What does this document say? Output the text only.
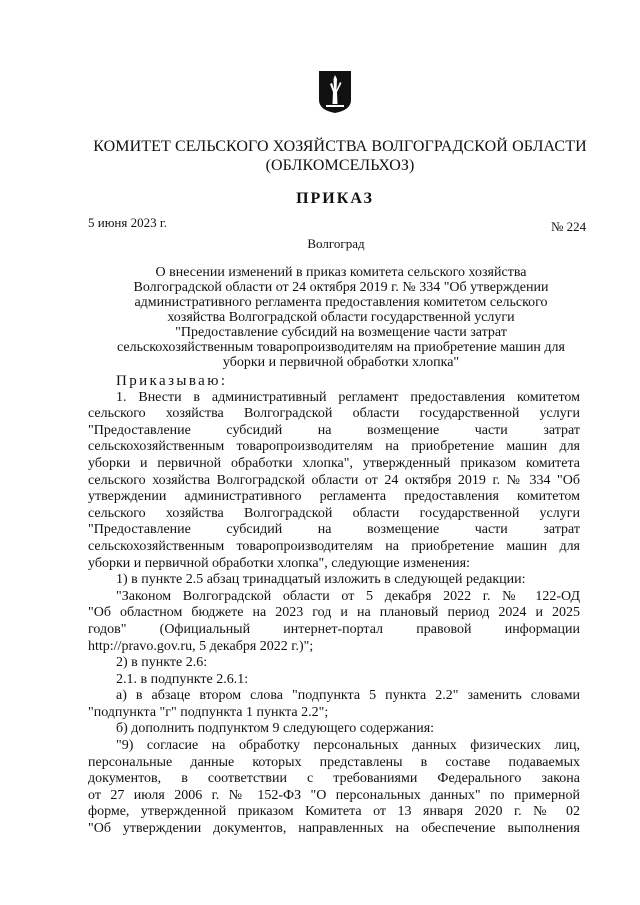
КОМИТЕТ СЕЛЬСКОГО ХОЗЯЙСТВА ВОЛГОГРАДСКОЙ ОБЛАСТИ
(ОБЛКОМСЕЛЬХОЗ)
ПРИКАЗ
5 июня 2023 г.	№ 224
Волгоград
О внесении изменений в приказ комитета сельского хозяйства
Волгоградской области от 24 октября 2019 г. № 334 "Об утверждении
административного регламента предоставления комитетом сельского
хозяйства Волгоградской области государственной услуги
"Предоставление субсидий на возмещение части затрат
сельскохозяйственным товаропроизводителям на приобретение машин для
уборки и первичной обработки хлопка"

Приказываю:

1. Внести в административный регламент предоставления комитетом
сельского хозяйства Волгоградской области государственной услуги
"Предоставление субсидий на возмещение части затрат
сельскохозяйственным товаропроизводителям на приобретение машин для
уборки и первичной обработки хлопка", утвержденный приказом комитета
сельского хозяйства Волгоградской области от 24 октября 2019 г. № 334 "Об
утверждении административного регламента предоставления комитетом
сельского хозяйства Волгоградской области государственной услуги
"Предоставление субсидий на возмещение части затрат
сельскохозяйственным товаропроизводителям на приобретение машин для
уборки и первичной обработки хлопка", следующие изменения:

1) в пункте 2.5 абзац тринадцатый изложить в следующей редакции:

"Законом Волгоградской области от 5 декабря 2022 г. № 122-ОД
"Об областном бюджете на 2023 год и на плановый период 2024 и 2025
годов" (Официальный интернет-портал правовой информации
http://pravo.gov.ru, 5 декабря 2022 г.)";

2) в пункте 2.6:

2.1. в подпункте 2.6.1:

а) в абзаце втором слова "подпункта 5 пункта 2.2" заменить словами
"подпункта "г" подпункта 1 пункта 2.2";

б) дополнить подпунктом 9 следующего содержания:

"9) согласие на обработку персональных данных физических лиц,
персональные данные которых представлены в составе подаваемых
документов, в соответствии с требованиями Федерального закона
от 27 июля 2006 г. № 152-ФЗ "О персональных данных" по примерной
форме, утвержденной приказом Комитета от 13 января 2020 г. № 02
"Об утверждении документов, направленных на обеспечение выполнения
